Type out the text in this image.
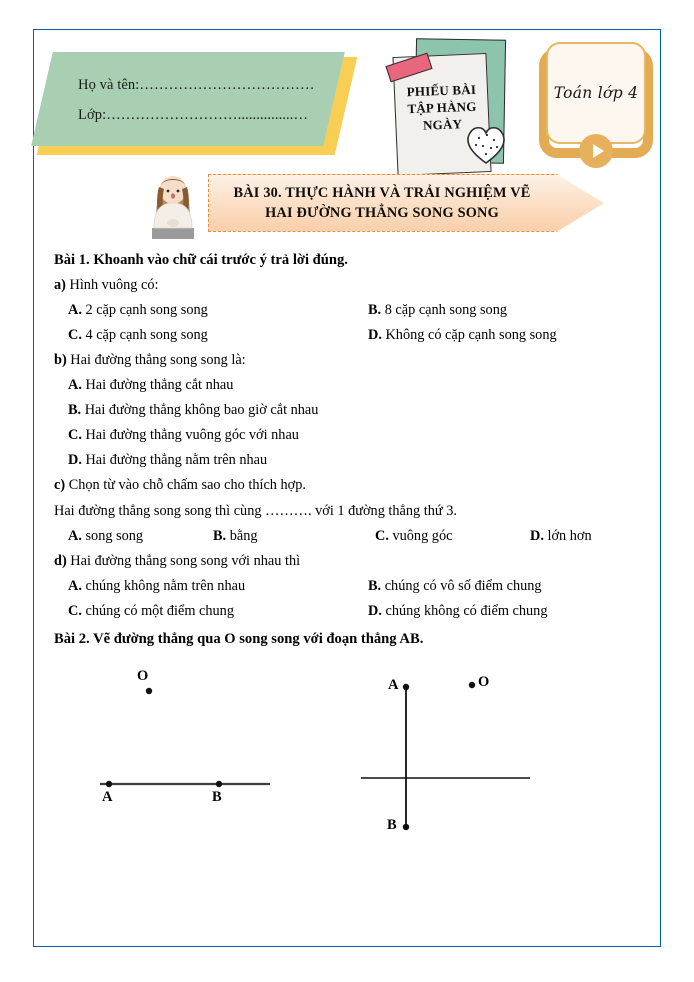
Họ và tên:………………………………
Lớp:………………………...............…
PHIẾU BÀI
TẬP HÀNG
NGÀY
Toán lớp 4
BÀI 30. THỰC HÀNH VÀ TRẢI NGHIỆM VẼ
HAI ĐƯỜNG THẲNG SONG SONG
Bài 1. Khoanh vào chữ cái trước ý trả lời đúng.
a) Hình vuông có:
A. 2 cặp cạnh song song	B. 8 cặp cạnh song song
C. 4 cặp cạnh song song	D. Không có cặp cạnh song song
b) Hai đường thẳng song song là:
A. Hai đường thẳng cắt nhau
B. Hai đường thẳng không bao giờ cắt nhau
C. Hai đường thẳng vuông góc với nhau
D. Hai đường thẳng nằm trên nhau
c) Chọn từ vào chỗ chấm sao cho thích hợp.
Hai đường thẳng song song thì cùng ………. với 1 đường thẳng thứ 3.
A. song song	B. bằng	C. vuông góc	D. lớn hơn
d) Hai đường thẳng song song với nhau thì
A. chúng không nằm trên nhau	B. chúng có vô số điểm chung
C. chúng có một điểm chung	D. chúng không có điểm chung
Bài 2. Vẽ đường thẳng qua O song song với đoạn thẳng AB.
O
A	B
A
B
O
